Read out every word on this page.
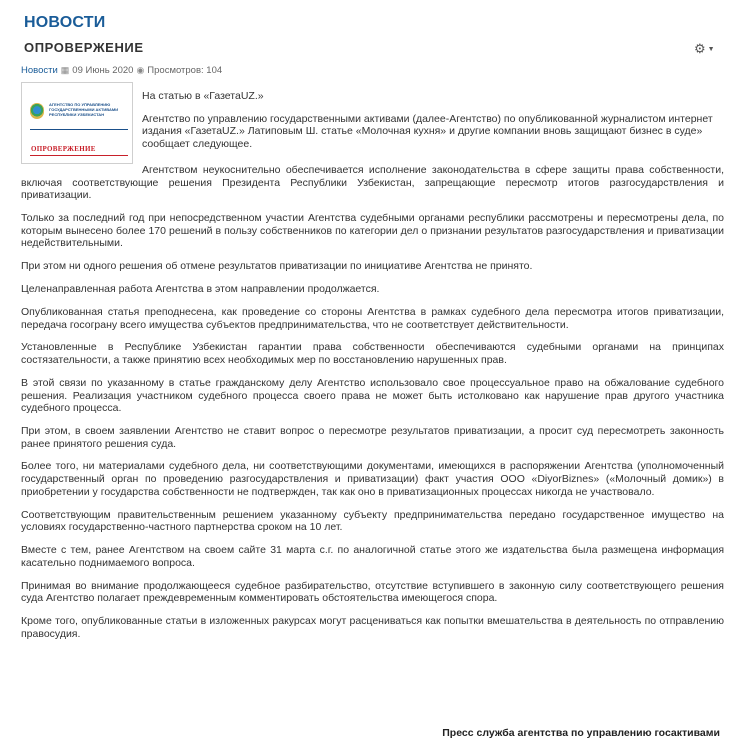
НОВОСТИ
ОПРОВЕРЖЕНИЕ	⚙ ▼
Новости ▦ 09 Июнь 2020 ◉ Просмотров: 104
АГЕНТСТВО ПО УПРАВЛЕНИЮ ГОСУДАРСТВЕННЫМИ АКТИВАМИ РЕСПУБЛИКИ УЗБЕКИСТАН
ОПРОВЕРЖЕНИЕ

На статью в «ГазетаUZ.»

Агентство по управлению государственными активами (далее-Агентство) по опубликованной журналистом интернет издания «ГазетаUZ.» Латиповым Ш. статье «Молочная кухня» и другие компании вновь защищают бизнес в суде» сообщает следующее.

Агентством неукоснительно обеспечивается исполнение законодательства в сфере защиты права собственности, включая соответствующие решения Президента Республики Узбекистан, запрещающие пересмотр итогов разгосударствления и приватизации.

Только за последний год при непосредственном участии Агентства судебными органами республики рассмотрены и пересмотрены дела, по которым вынесено более 170 решений в пользу собственников по категории дел о признании результатов разгосударствления и приватизации недействительными.

При этом ни одного решения об отмене результатов приватизации по инициативе Агентства не принято.

Целенаправленная работа Агентства в этом направлении продолжается.

Опубликованная статья преподнесена, как проведение со стороны Агентства в рамках судебного дела пересмотра итогов приватизации, передача госограну всего имущества субъектов предпринимательства, что не соответствует действительности.

Установленные в Республике Узбекистан гарантии права собственности обеспечиваются судебными органами на принципах состязательности, а также принятию всех необходимых мер по восстановлению нарушенных прав.

В этой связи по указанному в статье гражданскому делу Агентство использовало свое процессуальное право на обжалование судебного решения. Реализация участником судебного процесса своего права не может быть истолковано как нарушение прав другого участника судебного процесса.

При этом, в своем заявлении Агентство не ставит вопрос о пересмотре результатов приватизации, а просит суд пересмотреть законность ранее принятого решения суда.

Более того, ни материалами судебного дела, ни соответствующими документами, имеющихся в распоряжении Агентства (уполномоченный государственный орган по проведению разгосударствления и приватизации) факт участия ООО «DiyorBiznes» («Молочный домик») в приобретении у государства собственности не подтвержден, так как оно в приватизационных процессах никогда не участвовало.

Соответствующим правительственным решением указанному субъекту предпринимательства передано государственное имущество на условиях государственно-частного партнерства сроком на 10 лет.

Вместе с тем, ранее Агентством на своем сайте 31 марта с.г. по аналогичной статье этого же издательства была размещена информация касательно поднимаемого вопроса.

Принимая во внимание продолжающееся судебное разбирательство, отсутствие вступившего в законную силу соответствующего решения суда Агентство полагает преждевременным комментировать обстоятельства имеющегося спора.

Кроме того, опубликованные статьи в изложенных ракурсах могут расцениваться как попытки вмешательства в деятельность по отправлению правосудия.

Пресс служба агентства по управлению госактивами
